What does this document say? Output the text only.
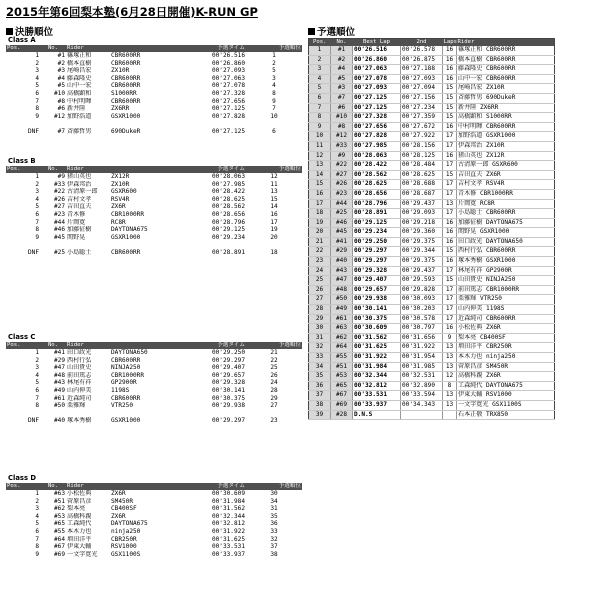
2015年第6回梨本塾(6月28日開催)K-RUN GP
決勝順位	予選順位
Class A
Pos.	No.	Rider		予選タイム	予選順位
1	#1	篠塚正和	CBR600RR	00'26.516	1
2	#2	橋本直樹	CBR600RR	00'26.860	2
3	#3	尾崎昌宏	ZX10R	00'27.093	5
4	#4	藤森隆史	CBR600RR	00'27.063	3
5	#5	山中一宏	CBR600RR	00'27.078	4
6	#10	高橋顕和	S1000RR	00'27.328	8
7	#8	中村明暉	CBR600RR	00'27.656	9
8	#6	新井陸	ZX6RR	00'27.125	7
9	#12	加野浩道	GSXR1000	00'27.828	10

DNF	#7	斉藤哲男	690DukeR	00'27.125	6
Class B
Pos.	No.	Rider		予選タイム	予選順位
1	#9	猪山英也	ZX12R	00'28.063	12
2	#33	伊森邦治	ZX10R	00'27.985	11
3	#22	古清原一郎	GSXR600	00'28.422	13
4	#26	吉村文孝	RSV4R	00'28.625	15
5	#27	吉田直夫	ZX6R	00'28.562	14
6	#23	青木修	CBR1000RR	00'28.656	16
7	#44	片岡寛	RC8R	00'28.796	17
8	#46	加藤征樹	DAYTONA675	00'29.125	19
9	#45	関野晃	GSXR1000	00'29.234	20

DNF	#25	小島聡士	CBR600RR	00'28.891	18
Class C
Pos.	No.	Rider		予選タイム	予選順位
1	#41	田口政光	DAYTONA650	00'29.250	21
2	#29	西村行弘	CBR600RR	00'29.297	22
3	#47	山田貴史	NINJA250	00'29.407	25
4	#48	前田篤志	CBR1000RR	00'29.657	26
5	#43	林尾有祥	GP2900R	00'29.328	24
6	#49	山内伸美	1198S	00'30.141	28
7	#61	近森純司	CBR600RR	00'30.375	29
8	#50	栗雅輝	VTR250	00'29.938	27

DNF	#40	塚本秀樹	GSXR1000	00'29.297	23
Class D
Pos.	No.	Rider		予選タイム	予選順位
1	#63	小松佐典	ZX6R	00'30.609	30
2	#51	菅原昌彦	SM450R	00'31.984	34
3	#62	梨本亮	CB400SF	00'31.562	31
4	#53	高橋科親	ZX6R	00'32.344	35
5	#65	工森純代	DAYTONA675	00'32.812	36
6	#55	本木力也	ninja250	00'31.922	33
7	#64	増田洋平	CBR250R	00'31.625	32
8	#67	伊東大輔	RSV1000	00'33.531	37
9	#69	一文字寛光	GSX1100S	00'33.937	38
Pos.	No.	Best Lap	2nd	Laps	Rider
1	#1	00'26.516	00'26.578	16	篠塚正和 CBR600RR
2	#2	00'26.860	00'26.875	16	橋本直樹 CBR600RR
3	#4	00'27.063	00'27.188	16	藤森隆史 CBR600RR
4	#5	00'27.078	00'27.093	16	山中一宏 CBR600RR
5	#3	00'27.093	00'27.094	15	尾崎昌宏 ZX10R
6	#7	00'27.125	00'27.156	15	斉藤哲男 690DukeR
7	#6	00'27.125	00'27.234	15	新井陸 ZX6RR
8	#10	00'27.328	00'27.359	15	高橋顕和 S1000RR
9	#8	00'27.656	00'27.672	16	中村明暉 CBR600RR
10	#12	00'27.828	00'27.922	17	加野浩道 GSXR1000
11	#33	00'27.985	00'28.156	17	伊森邦治 ZX10R
12	#9	00'28.063	00'28.125	16	猪山英也 ZX12R
13	#22	00'28.422	00'28.484	17	古清原一郎 GSXR600
14	#27	00'28.562	00'28.625	15	吉田直夫 ZX6R
15	#26	00'28.625	00'28.688	17	吉村文孝 RSV4R
16	#23	00'28.656	00'28.687	17	青木修 CBR1000RR
17	#44	00'28.796	00'29.437	13	片岡寛 RC8R
18	#25	00'28.891	00'29.093	17	小島聡士 CBR600RR
19	#46	00'29.125	00'29.218	16	加藤征樹 DAYTONA675
20	#45	00'29.234	00'29.360	16	関野晃 GSXR1000
21	#41	00'29.250	00'29.375	16	田口政光 DAYTONA650
22	#29	00'29.297	00'29.344	15	西村行弘 CBR600RR
23	#40	00'29.297	00'29.375	16	塚本秀樹 GSXR1000
24	#43	00'29.328	00'29.437	17	林尾有祥 GP2900R
25	#47	00'29.407	00'29.593	15	山田貴史 NINJA250
26	#48	00'29.657	00'29.828	17	前田篤志 CBR1000RR
27	#50	00'29.938	00'30.093	17	栗雅輝 VTR250
28	#49	00'30.141	00'30.203	17	山内伸美 1198S
29	#61	00'30.375	00'30.578	17	近森純司 CBR600RR
30	#63	00'30.609	00'30.797	16	小松佐典 ZX6R
31	#62	00'31.562	00'31.656	9	梨本亮 CB400SF
32	#64	00'31.625	00'31.922	13	増田洋平 CBR250R
33	#55	00'31.922	00'31.954	13	本木力也 ninja250
34	#51	00'31.984	00'31.985	13	菅原昌彦 SM450R
35	#53	00'32.344	00'32.531	12	高橋科親 ZX6R
36	#65	00'32.812	00'32.890	8	工森純代 DAYTONA675
37	#67	00'33.531	00'33.594	13	伊東大輔 RSV1000
38	#69	00'33.937	00'34.343	13	一文字寛光 GSX1100S
39	#28	D.N.S			石本正敬 TRX850
